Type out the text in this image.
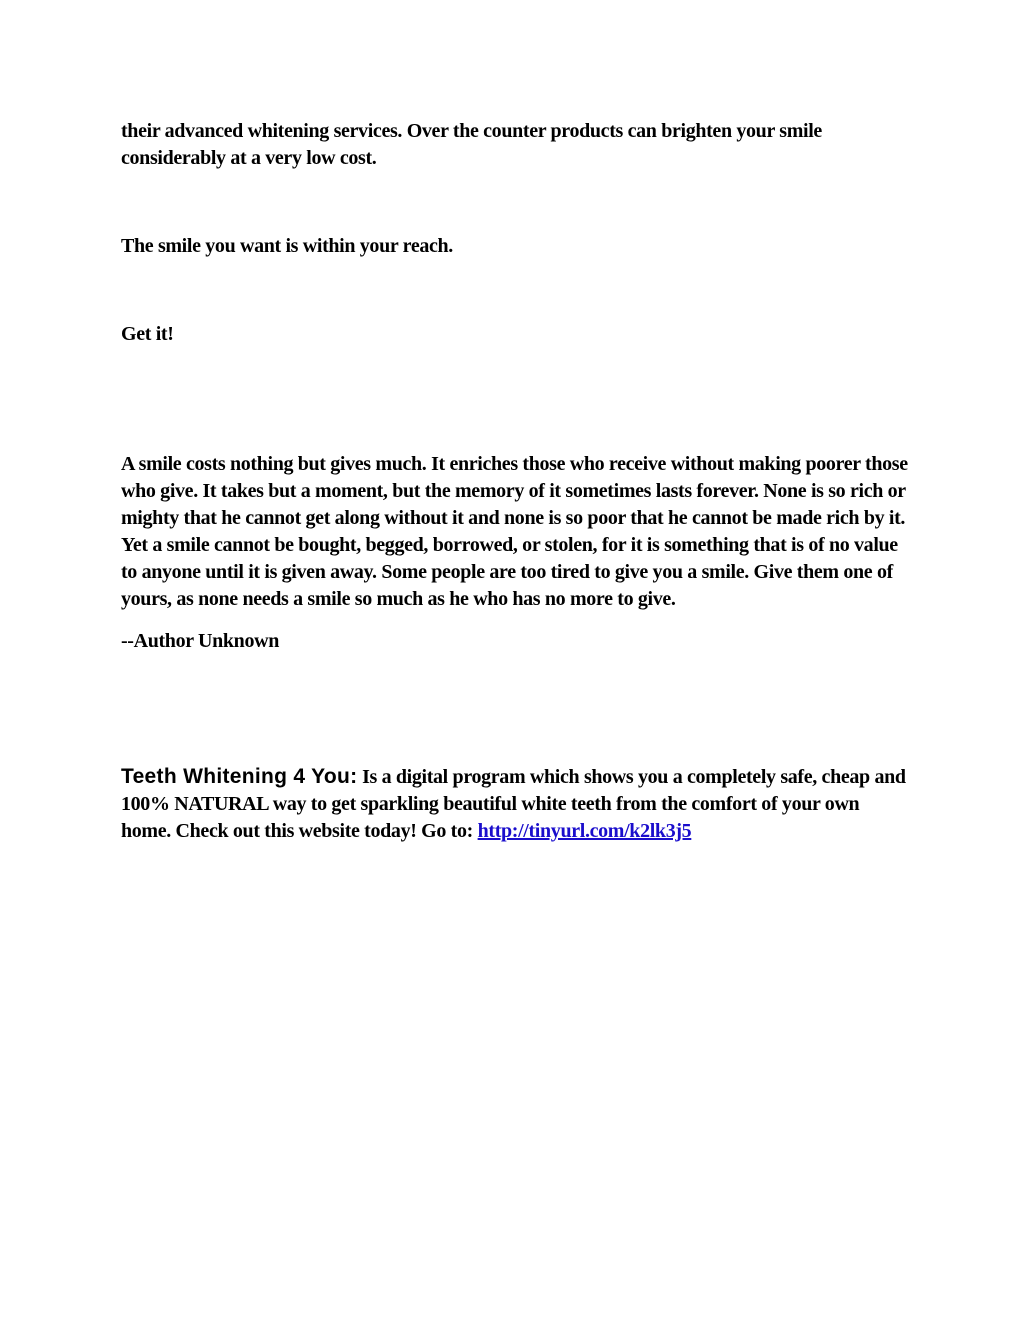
their advanced whitening services. Over the counter products can brighten your smile considerably at a very low cost.

The smile you want is within your reach.

Get it!

A smile costs nothing but gives much. It enriches those who receive without making poorer those who give. It takes but a moment, but the memory of it sometimes lasts forever. None is so rich or mighty that he cannot get along without it and none is so poor that he cannot be made rich by it. Yet a smile cannot be bought, begged, borrowed, or stolen, for it is something that is of no value to anyone until it is given away. Some people are too tired to give you a smile. Give them one of yours, as none needs a smile so much as he who has no more to give.

--Author Unknown

Teeth Whitening 4 You: Is a digital program which shows you a completely safe, cheap and 100% NATURAL way to get sparkling beautiful white teeth from the comfort of your own home. Check out this website today! Go to: http://tinyurl.com/k2lk3j5
